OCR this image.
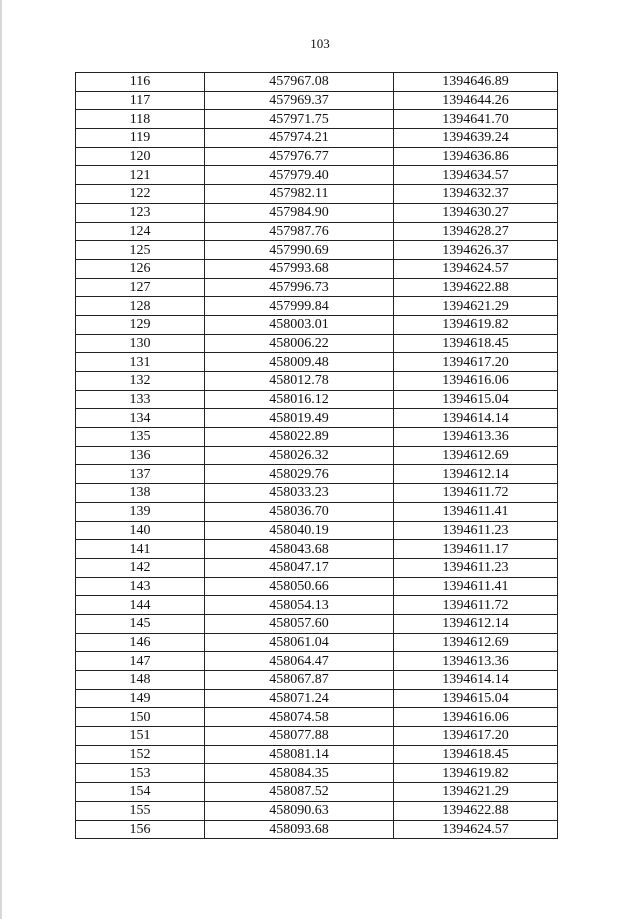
103
116	457967.08	1394646.89
117	457969.37	1394644.26
118	457971.75	1394641.70
119	457974.21	1394639.24
120	457976.77	1394636.86
121	457979.40	1394634.57
122	457982.11	1394632.37
123	457984.90	1394630.27
124	457987.76	1394628.27
125	457990.69	1394626.37
126	457993.68	1394624.57
127	457996.73	1394622.88
128	457999.84	1394621.29
129	458003.01	1394619.82
130	458006.22	1394618.45
131	458009.48	1394617.20
132	458012.78	1394616.06
133	458016.12	1394615.04
134	458019.49	1394614.14
135	458022.89	1394613.36
136	458026.32	1394612.69
137	458029.76	1394612.14
138	458033.23	1394611.72
139	458036.70	1394611.41
140	458040.19	1394611.23
141	458043.68	1394611.17
142	458047.17	1394611.23
143	458050.66	1394611.41
144	458054.13	1394611.72
145	458057.60	1394612.14
146	458061.04	1394612.69
147	458064.47	1394613.36
148	458067.87	1394614.14
149	458071.24	1394615.04
150	458074.58	1394616.06
151	458077.88	1394617.20
152	458081.14	1394618.45
153	458084.35	1394619.82
154	458087.52	1394621.29
155	458090.63	1394622.88
156	458093.68	1394624.57
